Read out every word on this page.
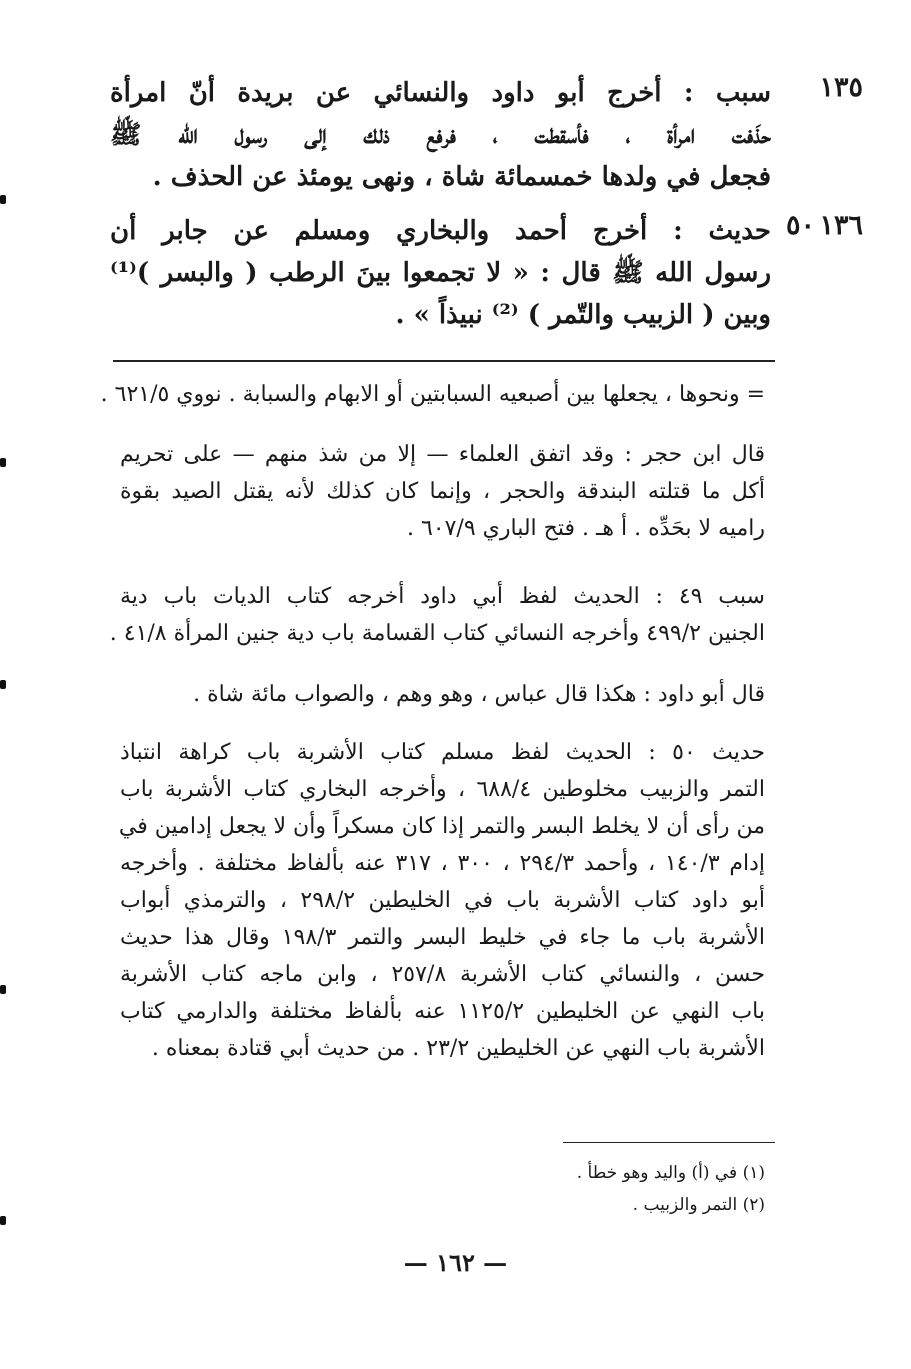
١٣٥
سبب : أخرج أبو داود والنسائي عن بريدة أنّ امرأة
حذَفت امرأة ، فأسقطت ، فرفع ذلك إلى رسول الله ﷺ
فجعل في ولدها خمسمائة شاة ، ونهى يومئذ عن الحذف .
١٣٦
٥٠
حديث : أخرج أحمد والبخاري ومسلم عن جابر أن
رسول الله ﷺ قال : « لا تجمعوا بينَ الرطب ( والبسر )⁽¹⁾
وبين ( الزبيب والتّمر ) ⁽²⁾ نبيذاً » .
= ونحوها ، يجعلها بين أصبعيه السبابتين أو الابهام والسبابة . نووي ٦٢١/٥ .
قال ابن حجر : وقد اتفق العلماء — إلا من شذ منهم — على تحريم
أكل ما قتلته البندقة والحجر ، وإنما كان كذلك لأنه يقتل الصيد بقوة
راميه لا بحَدِّه . أ هـ . فتح الباري ٦٠٧/٩ .
سبب ٤٩ : الحديث لفظ أبي داود أخرجه كتاب الديات باب دية
الجنين ٤٩٩/٢ وأخرجه النسائي كتاب القسامة باب دية جنين المرأة ٤١/٨ .
قال أبو داود : هكذا قال عباس ، وهو وهم ، والصواب مائة شاة .
حديث ٥٠ : الحديث لفظ مسلم كتاب الأشربة باب كراهة انتباذ
التمر والزبيب مخلوطين ٦٨٨/٤ ، وأخرجه البخاري كتاب الأشربة باب
من رأى أن لا يخلط البسر والتمر إذا كان مسكراً وأن لا يجعل إدامين في
إدام ١٤٠/٣ ، وأحمد ٢٩٤/٣ ، ٣٠٠ ، ٣١٧ عنه بألفاظ مختلفة . وأخرجه
أبو داود كتاب الأشربة باب في الخليطين ٢٩٨/٢ ، والترمذي أبواب
الأشربة باب ما جاء في خليط البسر والتمر ١٩٨/٣ وقال هذا حديث
حسن ، والنسائي كتاب الأشربة ٢٥٧/٨ ، وابن ماجه كتاب الأشربة
باب النهي عن الخليطين ١١٢٥/٢ عنه بألفاظ مختلفة والدارمي كتاب
الأشربة باب النهي عن الخليطين ٢٣/٢ . من حديث أبي قتادة بمعناه .
(١) في (أ) واليد وهو خطأ .
(٢) التمر والزبيب .
— ١٦٢ —
